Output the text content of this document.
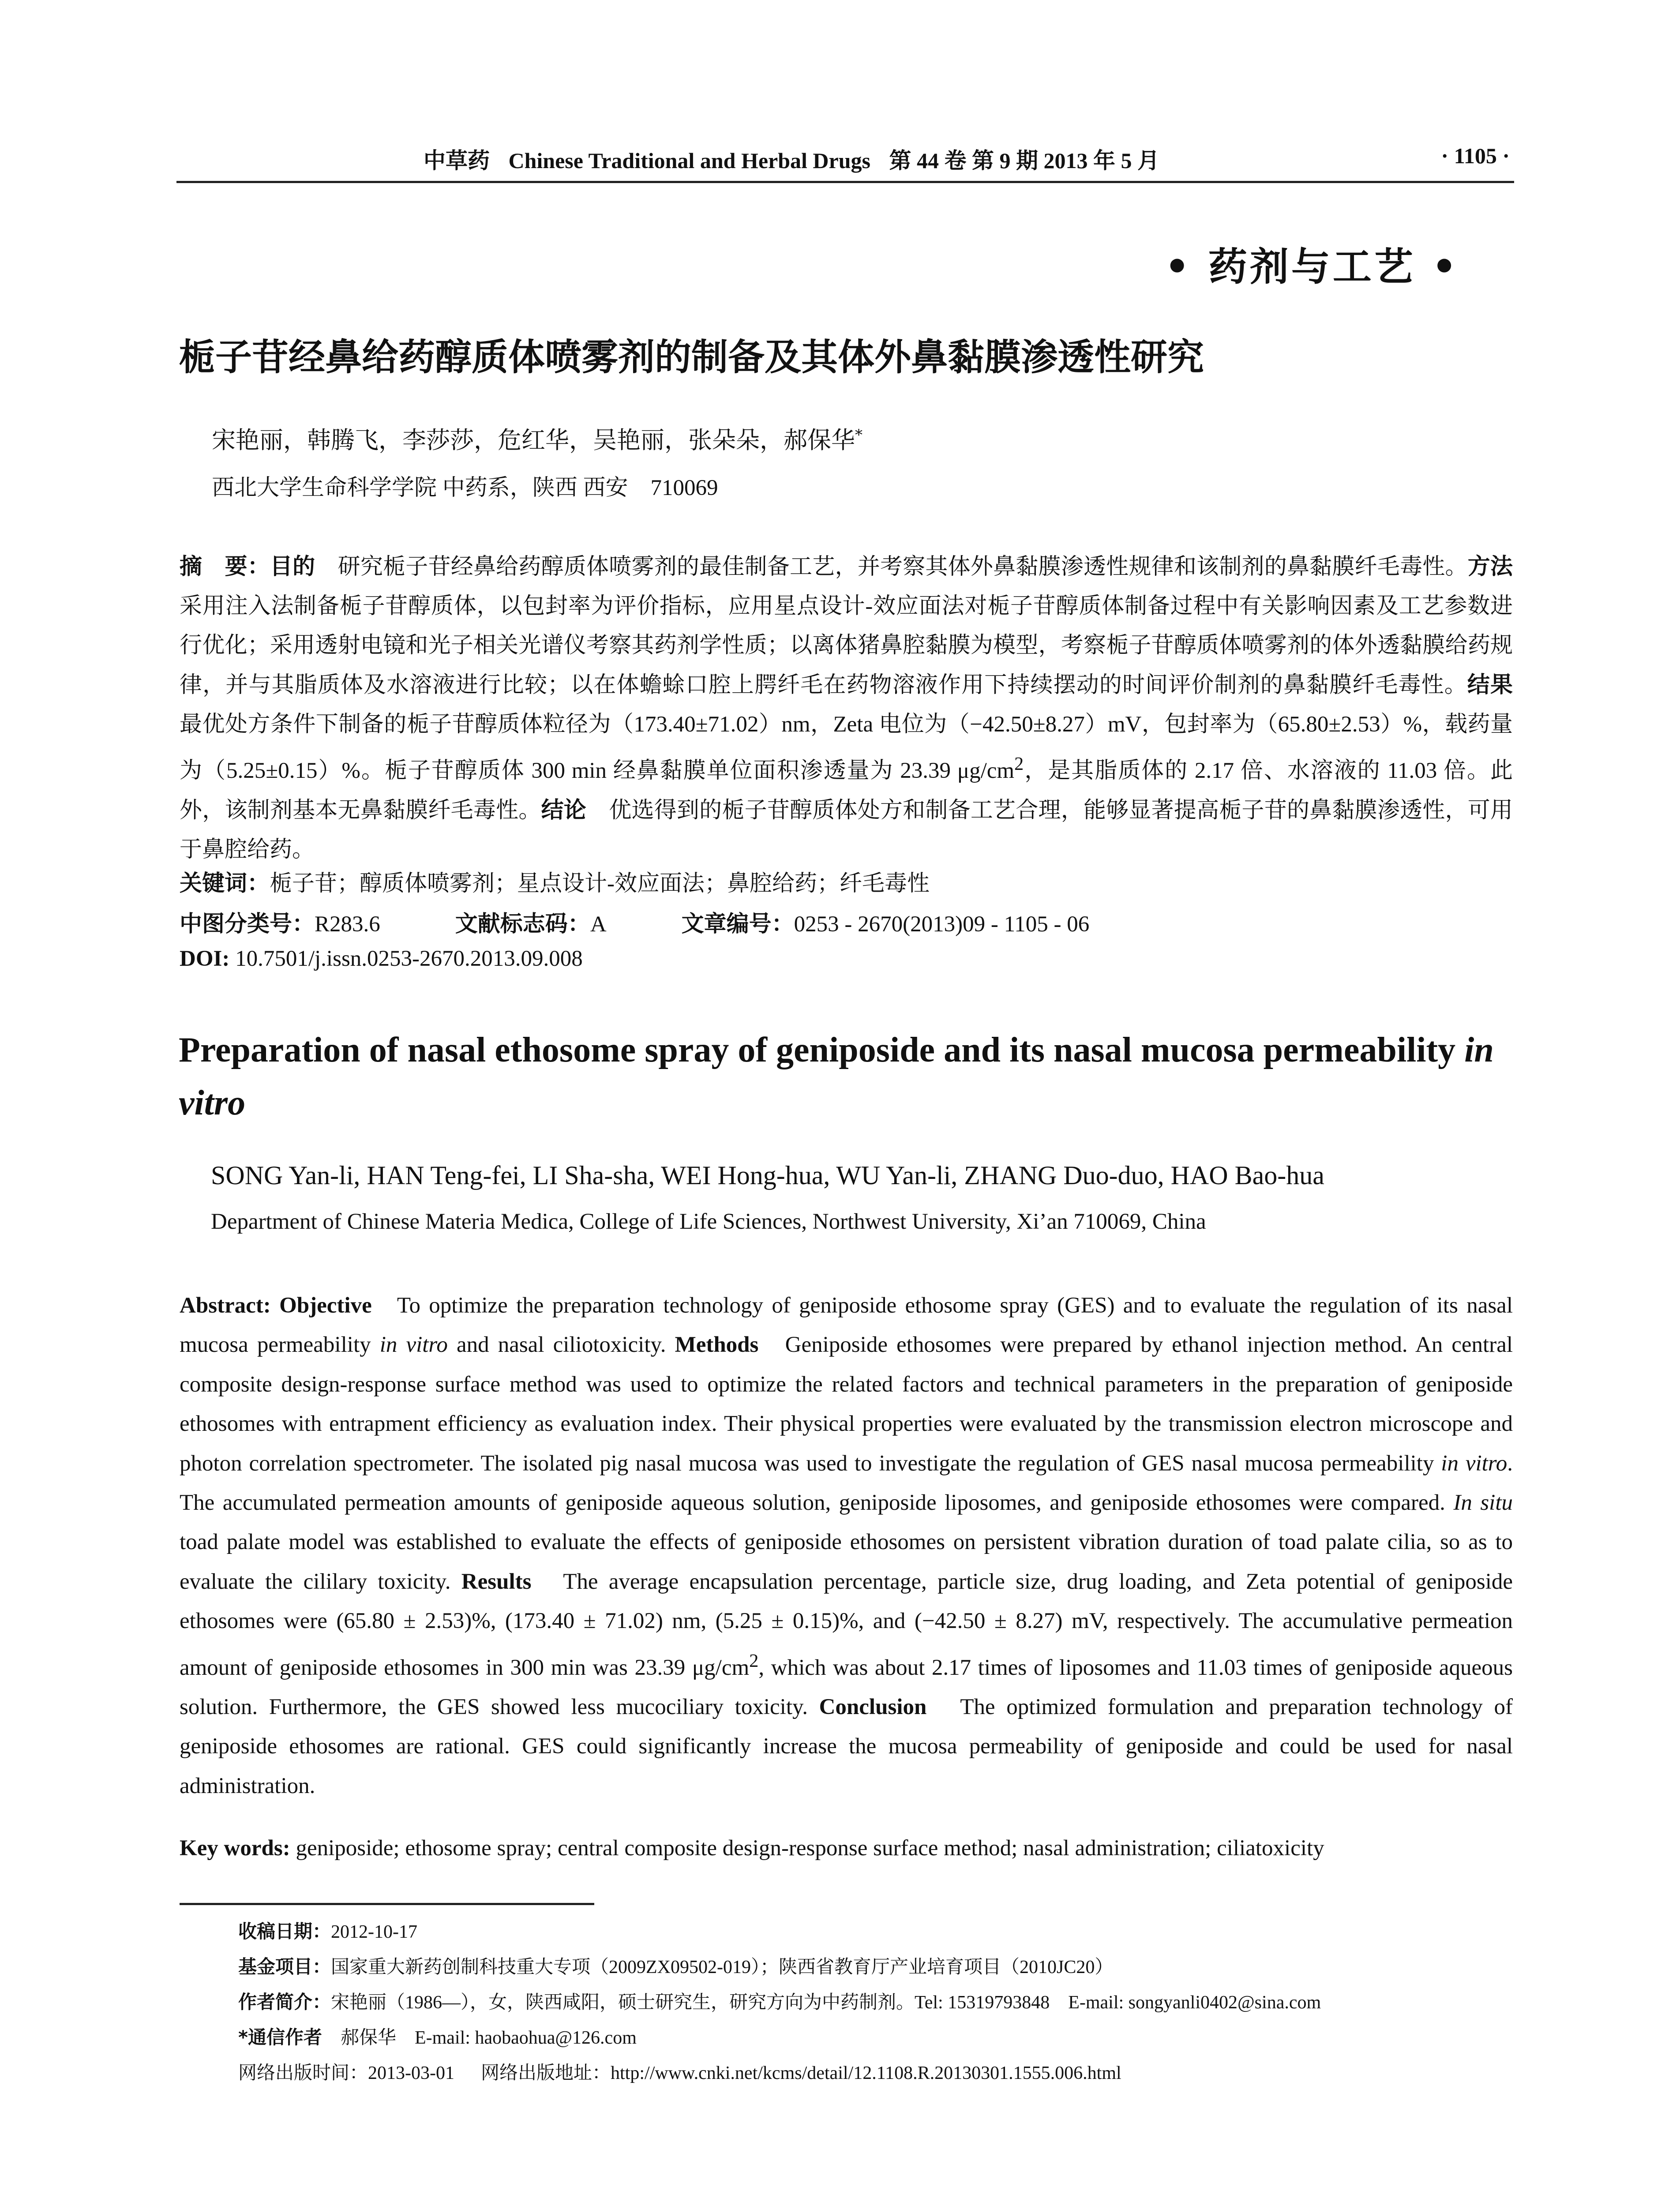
中草药 Chinese Traditional and Herbal Drugs 第 44 卷 第 9 期 2013 年 5 月	· 1105 ·
• 药剂与工艺 •
栀子苷经鼻给药醇质体喷雾剂的制备及其体外鼻黏膜渗透性研究
宋艳丽，韩腾飞，李莎莎，危红华，吴艳丽，张朵朵，郝保华*
西北大学生命科学学院 中药系，陕西 西安　710069
摘　要：目的　 研究栀子苷经鼻给药醇质体喷雾剂的最佳制备工艺，并考察其体外鼻黏膜渗透性规律和该制剂的鼻黏膜纤毛毒性。方法　采用注入法制备栀子苷醇质体，以包封率为评价指标，应用星点设计-效应面法对栀子苷醇质体制备过程中有关影响因素及工艺参数进行优化；采用透射电镜和光子相关光谱仪考察其药剂学性质；以离体猪鼻腔黏膜为模型，考察栀子苷醇质体喷雾剂的体外透黏膜给药规律，并与其脂质体及水溶液进行比较；以在体蟾蜍口腔上腭纤毛在药物溶液作用下持续摆动的时间评价制剂的鼻黏膜纤毛毒性。结果　最优处方条件下制备的栀子苷醇质体粒径为（173.40±71.02）nm，Zeta 电位为（−42.50±8.27）mV，包封率为（65.80±2.53）%，载药量为（5.25±0.15）%。栀子苷醇质体 300 min 经鼻黏膜单位面积渗透量为 23.39 $\mu g/cm^2$，是其脂质体的 2.17 倍、水溶液的 11.03 倍。此外，该制剂基本无鼻黏膜纤毛毒性。结论　 优选得到的栀子苷醇质体处方和制备工艺合理，能够显著提高栀子苷的鼻黏膜渗透性，可用于鼻腔给药。
关键词：栀子苷；醇质体喷雾剂；星点设计-效应面法；鼻腔给药；纤毛毒性
中图分类号：R283.6	文献标志码：A	文章编号：0253 - 2670(2013)09 - 1105 - 06
DOI: 10.7501/j.issn.0253-2670.2013.09.008
Preparation of nasal ethosome spray of geniposide and its nasal mucosa permeability in vitro
SONG Yan-li, HAN Teng-fei, LI Sha-sha, WEI Hong-hua, WU Yan-li, ZHANG Duo-duo, HAO Bao-hua
Department of Chinese Materia Medica, College of Life Sciences, Northwest University, Xi’an 710069, China
Abstract: Objective To optimize the preparation technology of geniposide ethosome spray (GES) and to evaluate the regulation of its nasal mucosa permeability in vitro and nasal ciliotoxicity. Methods Geniposide ethosomes were prepared by ethanol injection method. An central composite design-response surface method was used to optimize the related factors and technical parameters in the preparation of geniposide ethosomes with entrapment efficiency as evaluation index. Their physical properties were evaluated by the transmission electron microscope and photon correlation spectrometer. The isolated pig nasal mucosa was used to investigate the regulation of GES nasal mucosa permeability in vitro. The accumulated permeation amounts of geniposide aqueous solution, geniposide liposomes, and geniposide ethosomes were compared. In situ toad palate model was established to evaluate the effects of geniposide ethosomes on persistent vibration duration of toad palate cilia, so as to evaluate the cililary toxicity. Results The average encapsulation percentage, particle size, drug loading, and Zeta potential of geniposide ethosomes were (65.80 ± 2.53)%, (173.40 ± 71.02) nm, (5.25 ± 0.15)%, and (−42.50 ± 8.27) mV, respectively. The accumulative permeation amount of geniposide ethosomes in 300 min was 23.39 $\mu g/cm^2$, which was about 2.17 times of liposomes and 11.03 times of geniposide aqueous solution. Furthermore, the GES showed less mucociliary toxicity. Conclusion The optimized formulation and preparation technology of geniposide ethosomes are rational. GES could significantly increase the mucosa permeability of geniposide and could be used for nasal administration.
Key words: geniposide; ethosome spray; central composite design-response surface method; nasal administration; ciliatoxicity
收稿日期：2012-10-17
基金项目：国家重大新药创制科技重大专项（2009ZX09502-019）；陕西省教育厅产业培育项目（2010JC20）
作者简介：宋艳丽（1986—），女，陕西咸阳，硕士研究生，研究方向为中药制剂。Tel: 15319793848　E-mail: songyanli0402@sina.com
*通信作者　 郝保华　E-mail: haobaohua@126.com
网络出版时间：2013-03-01 网络出版地址：http://www.cnki.net/kcms/detail/12.1108.R.20130301.1555.006.html
